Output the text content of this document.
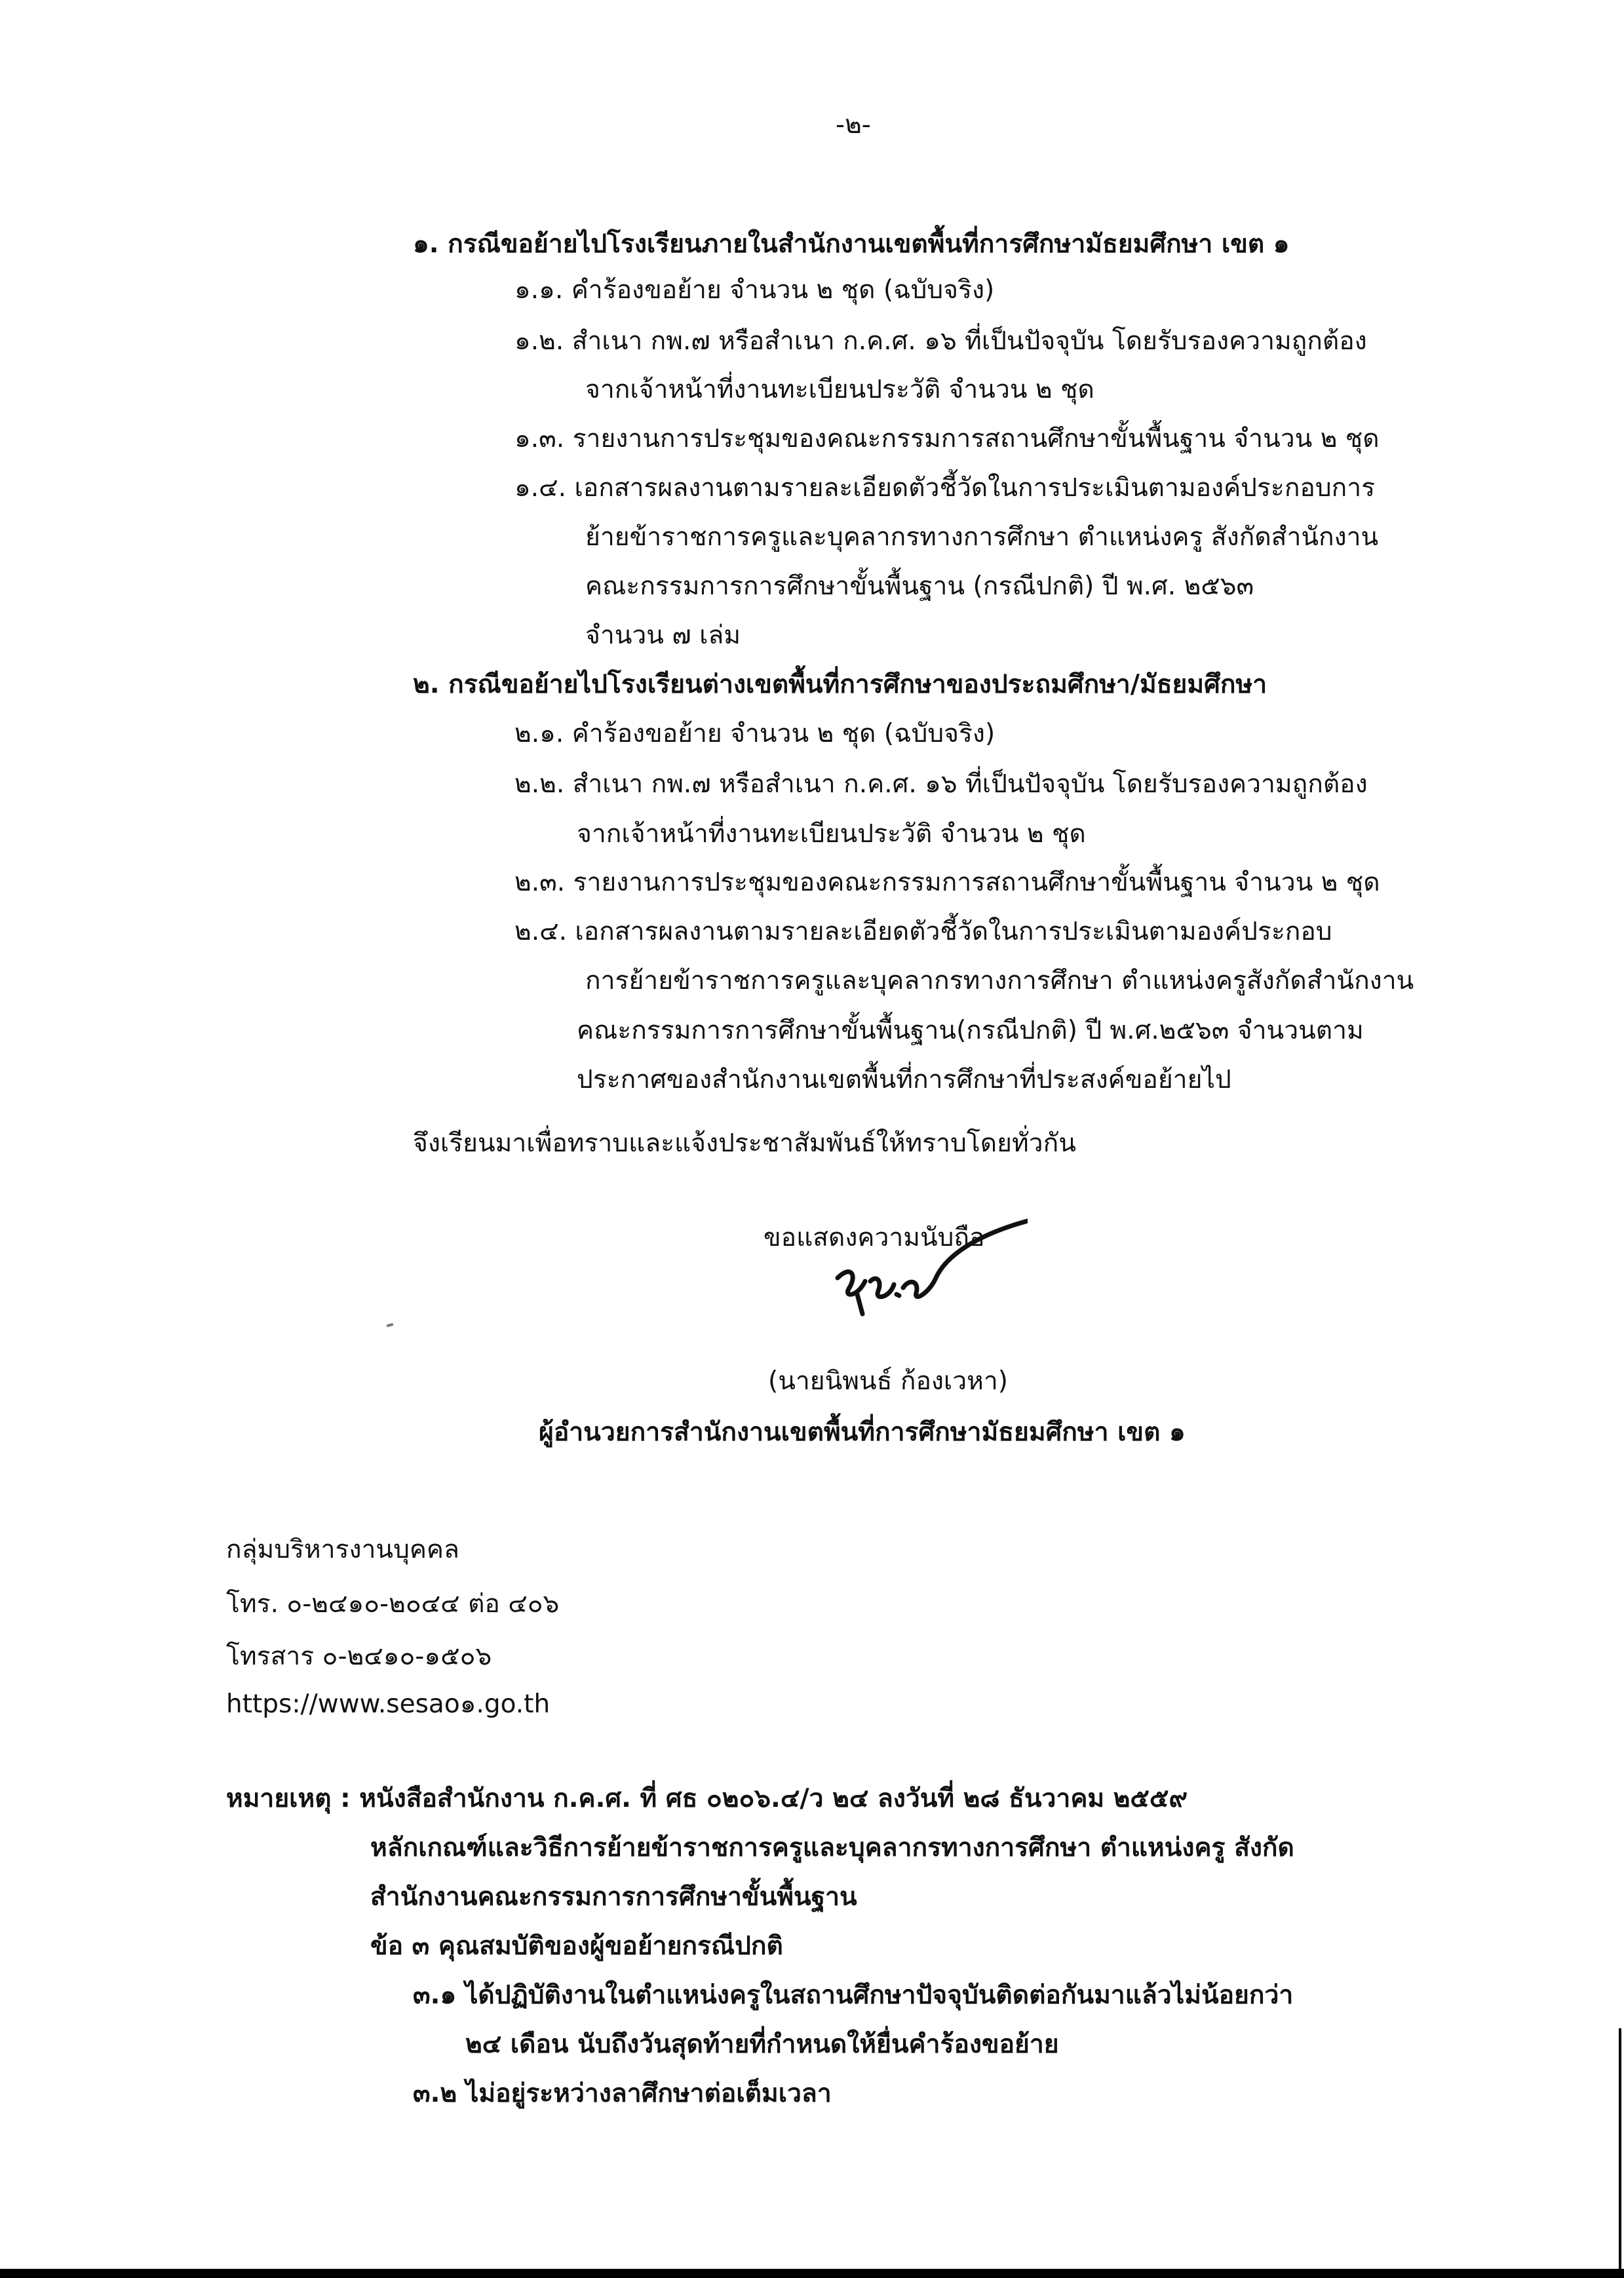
-๒-
๑. กรณีขอย้ายไปโรงเรียนภายในสำนักงานเขตพื้นที่การศึกษามัธยมศึกษา เขต ๑
๑.๑. คำร้องขอย้าย จำนวน ๒ ชุด (ฉบับจริง)
๑.๒. สำเนา กพ.๗ หรือสำเนา ก.ค.ศ. ๑๖ ที่เป็นปัจจุบัน โดยรับรองความถูกต้อง
จากเจ้าหน้าที่งานทะเบียนประวัติ จำนวน ๒ ชุด
๑.๓. รายงานการประชุมของคณะกรรมการสถานศึกษาขั้นพื้นฐาน จำนวน ๒ ชุด
๑.๔. เอกสารผลงานตามรายละเอียดตัวชี้วัดในการประเมินตามองค์ประกอบการ
ย้ายข้าราชการครูและบุคลากรทางการศึกษา ตำแหน่งครู สังกัดสำนักงาน
คณะกรรมการการศึกษาขั้นพื้นฐาน (กรณีปกติ) ปี พ.ศ. ๒๕๖๓
จำนวน ๗ เล่ม
๒. กรณีขอย้ายไปโรงเรียนต่างเขตพื้นที่การศึกษาของประถมศึกษา/มัธยมศึกษา
๒.๑. คำร้องขอย้าย จำนวน ๒ ชุด (ฉบับจริง)
๒.๒. สำเนา กพ.๗ หรือสำเนา ก.ค.ศ. ๑๖ ที่เป็นปัจจุบัน โดยรับรองความถูกต้อง
จากเจ้าหน้าที่งานทะเบียนประวัติ จำนวน ๒ ชุด
๒.๓. รายงานการประชุมของคณะกรรมการสถานศึกษาขั้นพื้นฐาน จำนวน ๒ ชุด
๒.๔. เอกสารผลงานตามรายละเอียดตัวชี้วัดในการประเมินตามองค์ประกอบ
การย้ายข้าราชการครูและบุคลากรทางการศึกษา ตำแหน่งครูสังกัดสำนักงาน
คณะกรรมการการศึกษาขั้นพื้นฐาน(กรณีปกติ) ปี พ.ศ.๒๕๖๓ จำนวนตาม
ประกาศของสำนักงานเขตพื้นที่การศึกษาที่ประสงค์ขอย้ายไป
จึงเรียนมาเพื่อทราบและแจ้งประชาสัมพันธ์ให้ทราบโดยทั่วกัน
ขอแสดงความนับถือ
(นายนิพนธ์ ก้องเวหา)
ผู้อำนวยการสำนักงานเขตพื้นที่การศึกษามัธยมศึกษา เขต ๑
กลุ่มบริหารงานบุคคล
โทร. ๐-๒๔๑๐-๒๐๔๔ ต่อ ๔๐๖
โทรสาร ๐-๒๔๑๐-๑๕๐๖
https://www.sesao๑.go.th
หมายเหตุ : หนังสือสำนักงาน ก.ค.ศ. ที่ ศธ ๐๒๐๖.๔/ว ๒๔ ลงวันที่ ๒๘ ธันวาคม ๒๕๕๙
หลักเกณฑ์และวิธีการย้ายข้าราชการครูและบุคลากรทางการศึกษา ตำแหน่งครู สังกัด
สำนักงานคณะกรรมการการศึกษาขั้นพื้นฐาน
ข้อ ๓ คุณสมบัติของผู้ขอย้ายกรณีปกติ
๓.๑ ได้ปฏิบัติงานในตำแหน่งครูในสถานศึกษาปัจจุบันติดต่อกันมาแล้วไม่น้อยกว่า
๒๔ เดือน นับถึงวันสุดท้ายที่กำหนดให้ยื่นคำร้องขอย้าย
๓.๒ ไม่อยู่ระหว่างลาศึกษาต่อเต็มเวลา
